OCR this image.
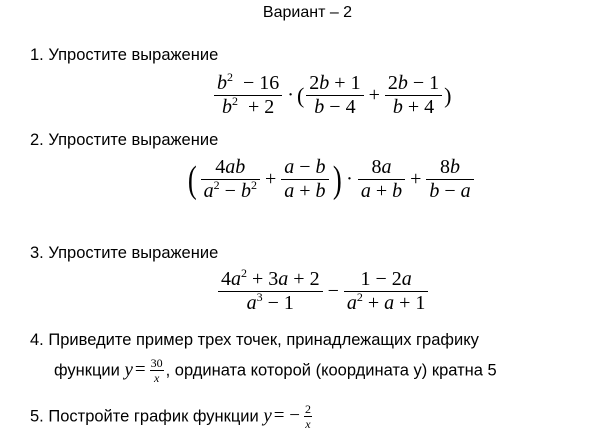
Вариант – 2
1. Упростите выражение
$\frac{b^2 - 16}{b^2 + 2}$ · ( $\frac{2b + 1}{b - 4} + \frac{2b - 1}{b + 4}$ )
2. Упростите выражение
( $\frac{4ab}{a^2 - b^2} + \frac{a - b}{a + b}$ ) · $\frac{8a}{a + b} + \frac{8b}{b - a}$
3. Упростите выражение
$\frac{4a^2 + 3a + 2}{a^3 - 1} - \frac{1 - 2a}{a^2 + a + 1}$
4. Приведите пример трех точек, принадлежащих графику
функции $y = \frac{30}{x}$ , ордината которой (координата у) кратна 5
5. Постройте график функции y = − $\frac{2}{x}$
